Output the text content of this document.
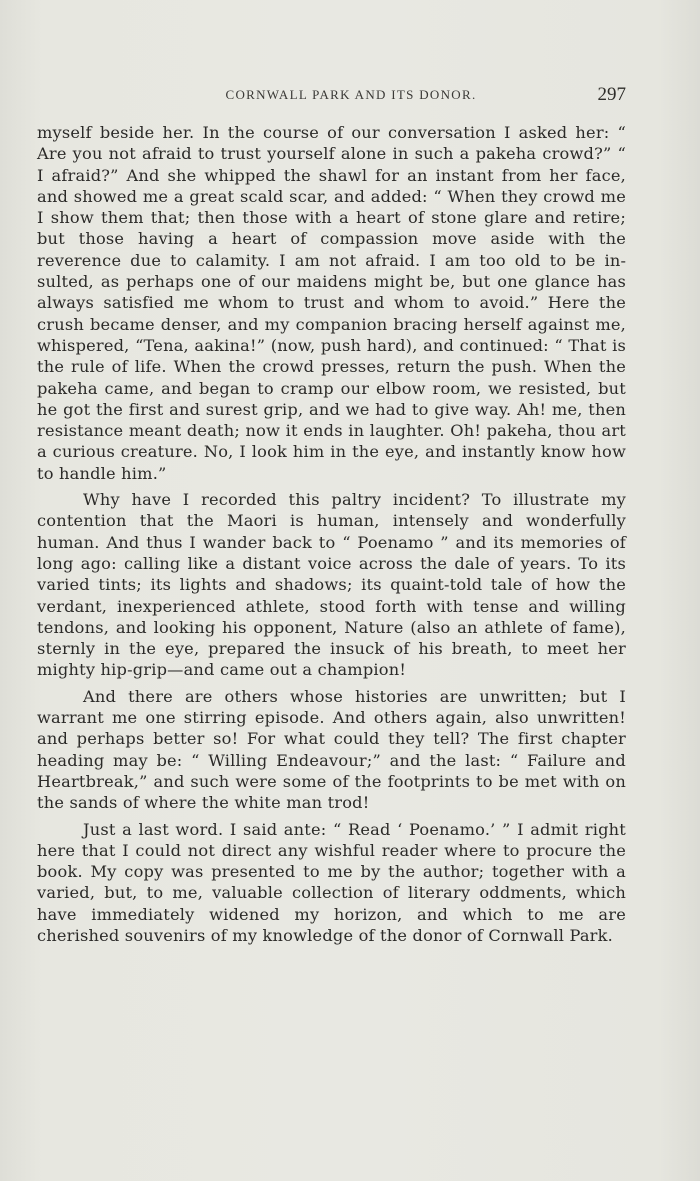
CORNWALL PARK AND ITS DONOR.	297

myself beside her. In the course of our conversation I asked her: “ Are you not afraid to trust yourself alone in such a pakeha crowd?” “ I afraid?” And she whipped the shawl for an instant from her face, and showed me a great scald scar, and added: “ When they crowd me I show them that; then those with a heart of stone glare and retire; but those having a heart of compassion move aside with the reverence due to calamity. I am not afraid. I am too old to be insulted, as perhaps one of our maidens might be, but one glance has always satisfied me whom to trust and whom to avoid.” Here the crush became denser, and my companion bracing herself against me, whispered, “Tena, aakina!” (now, push hard), and continued: “ That is the rule of life. When the crowd presses, return the push. When the pakeha came, and began to cramp our elbow room, we resisted, but he got the first and surest grip, and we had to give way. Ah! me, then resistance meant death; now it ends in laughter. Oh! pakeha, thou art a curious creature. No, I look him in the eye, and instantly know how to handle him.”

Why have I recorded this paltry incident? To illustrate my contention that the Maori is human, intensely and wonderfully human. And thus I wander back to “ Poenamo ” and its memories of long ago: calling like a distant voice across the dale of years. To its varied tints; its lights and shadows; its quaint-told tale of how the verdant, inexperienced athlete, stood forth with tense and willing tendons, and looking his opponent, Nature (also an athlete of fame), sternly in the eye, prepared the insuck of his breath, to meet her mighty hip-grip—and came out a champion!

And there are others whose histories are unwritten; but I warrant me one stirring episode. And others again, also unwritten! and perhaps better so! For what could they tell? The first chapter heading may be: “ Willing Endeavour;” and the last: “ Failure and Heartbreak,” and such were some of the footprints to be met with on the sands of where the white man trod!

Just a last word. I said ante: “ Read ‘ Poenamo.’ ” I admit right here that I could not direct any wishful reader where to procure the book. My copy was presented to me by the author; together with a varied, but, to me, valuable collection of literary oddments, which have immediately widened my horizon, and which to me are cherished souvenirs of my knowledge of the donor of Cornwall Park.
